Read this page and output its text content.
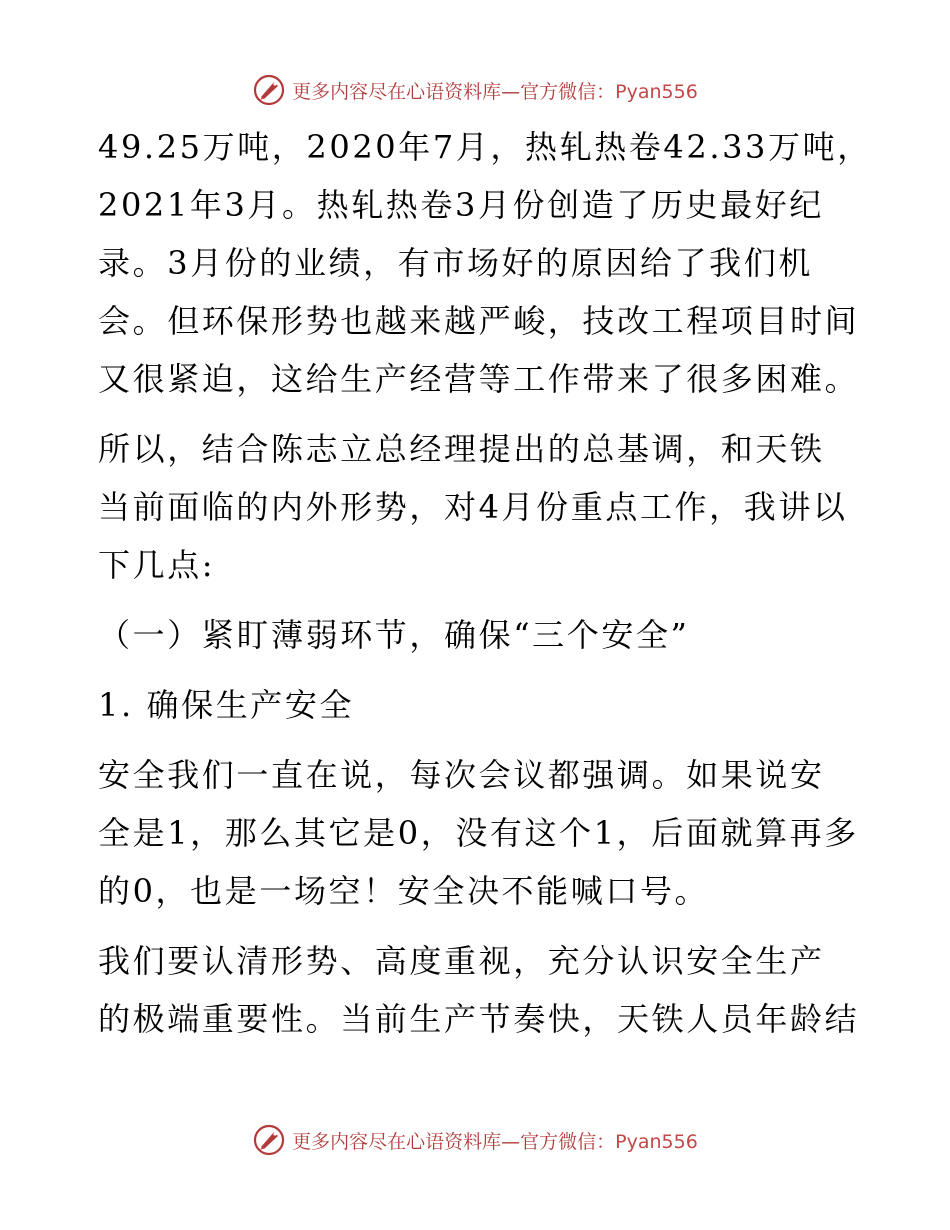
更多内容尽在心语资料库—官方微信：Pyan556

49.25万吨，2020年7月，热轧热卷42.33万吨，
2021年3月。热轧热卷3月份创造了历史最好纪
录。3月份的业绩，有市场好的原因给了我们机
会。但环保形势也越来越严峻，技改工程项目时间
又很紧迫，这给生产经营等工作带来了很多困难。

所以，结合陈志立总经理提出的总基调，和天铁
当前面临的内外形势，对4月份重点工作，我讲以
下几点:

（一）紧盯薄弱环节，确保“三个安全”

1. 确保生产安全

安全我们一直在说，每次会议都强调。如果说安
全是1，那么其它是0，没有这个1，后面就算再多
的0，也是一场空！安全决不能喊口号。

我们要认清形势、高度重视，充分认识安全生产
的极端重要性。当前生产节奏快，天铁人员年龄结

更多内容尽在心语资料库—官方微信：Pyan556
